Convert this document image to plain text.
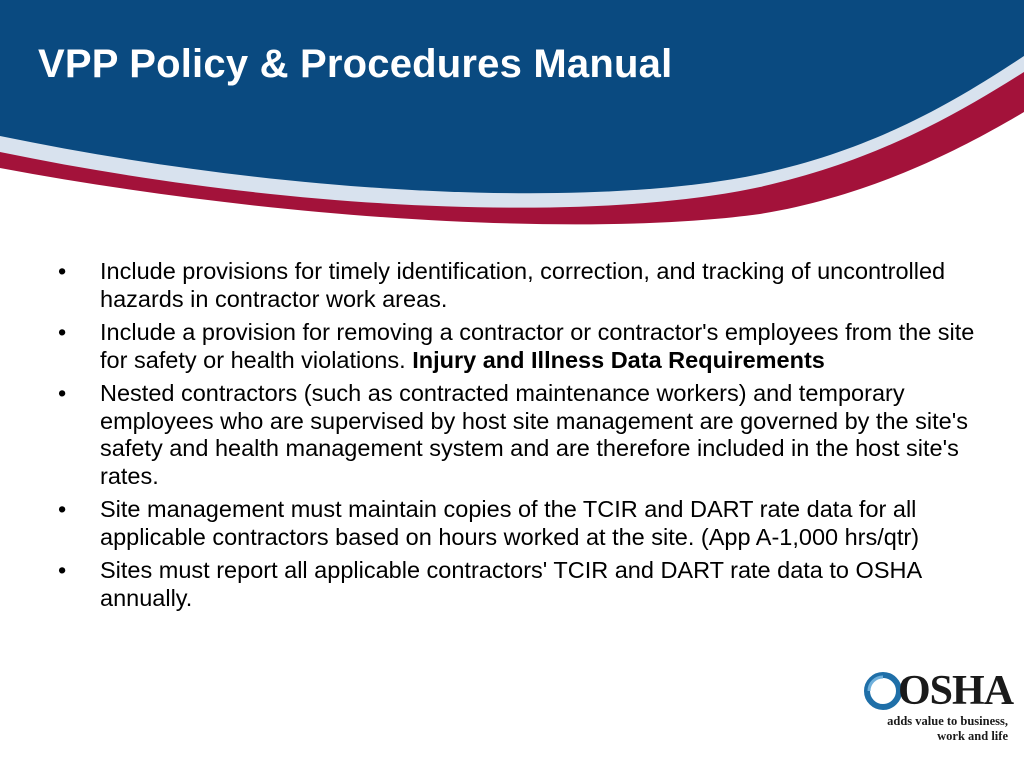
VPP Policy & Procedures Manual
• Include provisions for timely identification, correction, and tracking of uncontrolled hazards in contractor work areas.
• Include a provision for removing a contractor or contractor's employees from the site for safety or health violations. Injury and Illness Data Requirements
• Nested contractors (such as contracted maintenance workers) and temporary employees who are supervised by host site management are governed by the site's safety and health management system and are therefore included in the host site's rates.
• Site management must maintain copies of the TCIR and DART rate data for all applicable contractors based on hours worked at the site. (App A-1,000 hrs/qtr)
• Sites must report all applicable contractors' TCIR and DART rate data to OSHA annually.
OSHA
adds value to business,
work and life
